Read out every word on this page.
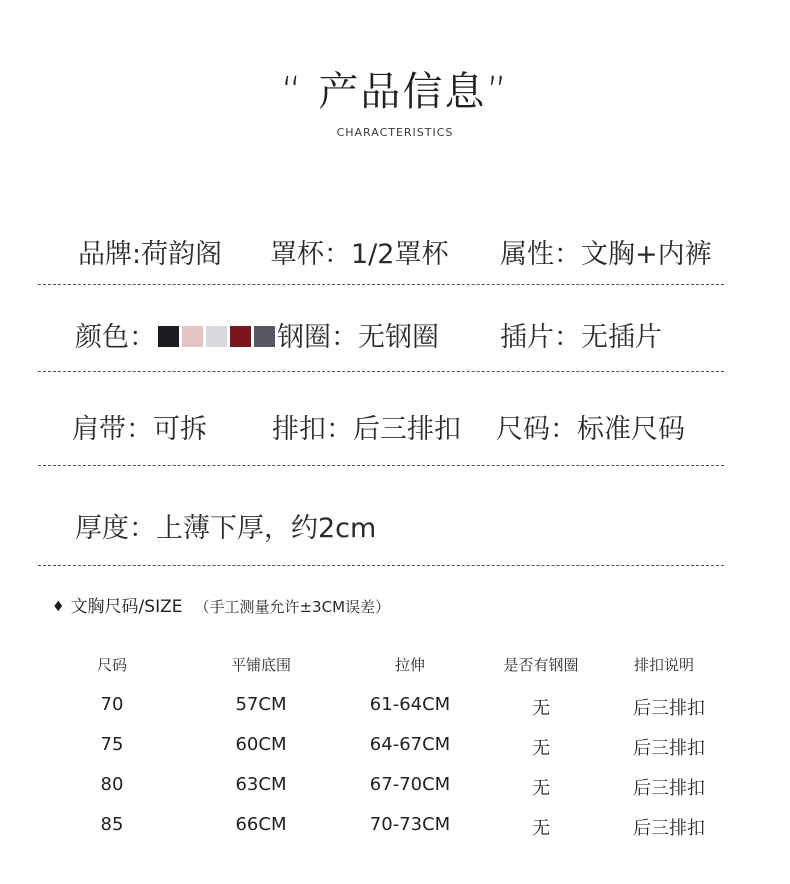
“ 产品信息”
CHARACTERISTICS
品牌:荷韵阁 罩杯：1/2罩杯 属性：文胸+内裤
颜色：	钢圈：无钢圈 插片：无插片
肩带：可拆 排扣：后三排扣 尺码：标准尺码
厚度：上薄下厚，约2cm
♦ 文胸尺码/SIZE （手工测量允许±3CM误差）
尺码	平铺底围	拉伸	是否有钢圈	排扣说明
70	57CM	61-64CM	无	后三排扣
75	60CM	64-67CM	无	后三排扣
80	63CM	67-70CM	无	后三排扣
85	66CM	70-73CM	无	后三排扣
